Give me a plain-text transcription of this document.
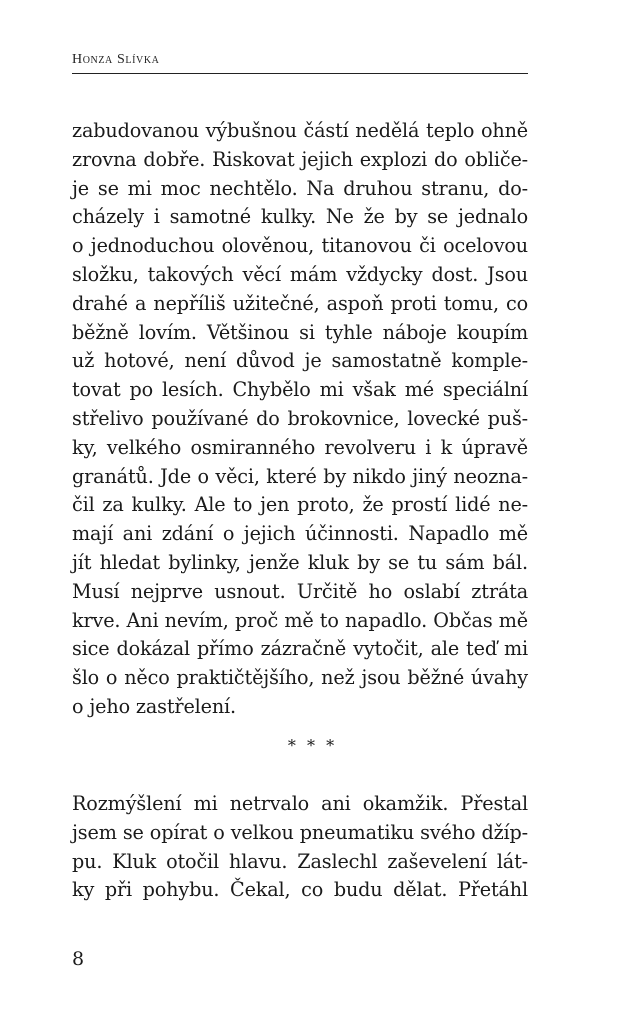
Honza Slívka
zabudovanou výbušnou částí nedělá teplo ohně
zrovna dobře. Riskovat jejich explozi do obliče-
je se mi moc nechtělo. Na druhou stranu, do-
cházely i samotné kulky. Ne že by se jednalo
o jednoduchou olověnou, titanovou či ocelovou
složku, takových věcí mám vždycky dost. Jsou
drahé a nepříliš užitečné, aspoň proti tomu, co
běžně lovím. Většinou si tyhle náboje koupím
už hotové, není důvod je samostatně komple-
tovat po lesích. Chybělo mi však mé speciální
střelivo používané do brokovnice, lovecké puš-
ky, velkého osmiranného revolveru i k úpravě
granátů. Jde o věci, které by nikdo jiný neozna-
čil za kulky. Ale to jen proto, že prostí lidé ne-
mají ani zdání o jejich účinnosti. Napadlo mě
jít hledat bylinky, jenže kluk by se tu sám bál.
Musí nejprve usnout. Určitě ho oslabí ztráta
krve. Ani nevím, proč mě to napadlo. Občas mě
sice dokázal přímo zázračně vytočit, ale teď mi
šlo o něco praktičtějšího, než jsou běžné úvahy
o jeho zastřelení.
* * *
Rozmýšlení mi netrvalo ani okamžik. Přestal
jsem se opírat o velkou pneumatiku svého džíp-
pu. Kluk otočil hlavu. Zaslechl zaševelení lát-
ky při pohybu. Čekal, co budu dělat. Přetáhl
8
